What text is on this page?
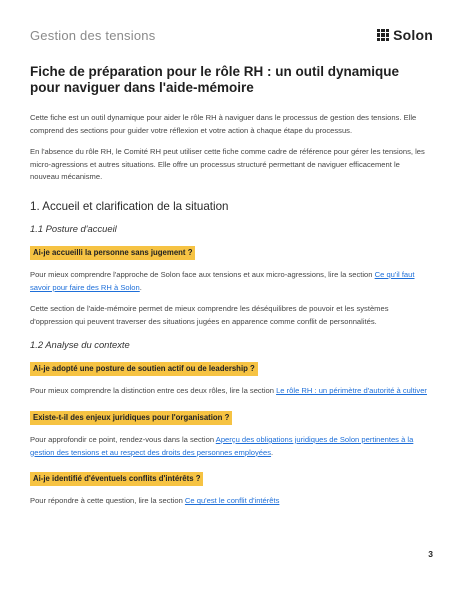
Gestion des tensions	Solon
Fiche de préparation pour le rôle RH : un outil dynamique pour naviguer dans l'aide-mémoire

Cette fiche est un outil dynamique pour aider le rôle RH à naviguer dans le processus de gestion des tensions. Elle comprend des sections pour guider votre réflexion et votre action à chaque étape du processus.

En l'absence du rôle RH, le Comité RH peut utiliser cette fiche comme cadre de référence pour gérer les tensions, les micro-agressions et autres situations. Elle offre un processus structuré permettant de naviguer efficacement le nouveau mécanisme.

1. Accueil et clarification de la situation
1.1 Posture d'accueil
Ai-je accueilli la personne sans jugement ?

Pour mieux comprendre l'approche de Solon face aux tensions et aux micro-agressions, lire la section Ce qu'il faut savoir pour faire des RH à Solon.

Cette section de l'aide-mémoire permet de mieux comprendre les déséquilibres de pouvoir et les systèmes d'oppression qui peuvent traverser des situations jugées en apparence comme conflit de personnalités.

1.2 Analyse du contexte
Ai-je adopté une posture de soutien actif ou de leadership ?

Pour mieux comprendre la distinction entre ces deux rôles, lire la section Le rôle RH : un périmètre d'autorité à cultiver

Existe-t-il des enjeux juridiques pour l'organisation ?

Pour approfondir ce point, rendez-vous dans la section Aperçu des obligations juridiques de Solon pertinentes à la gestion des tensions et au respect des droits des personnes employées.

Ai-je identifié d'éventuels conflits d'intérêts ?

Pour répondre à cette question, lire la section Ce qu'est le conflit d'intérêts

3
